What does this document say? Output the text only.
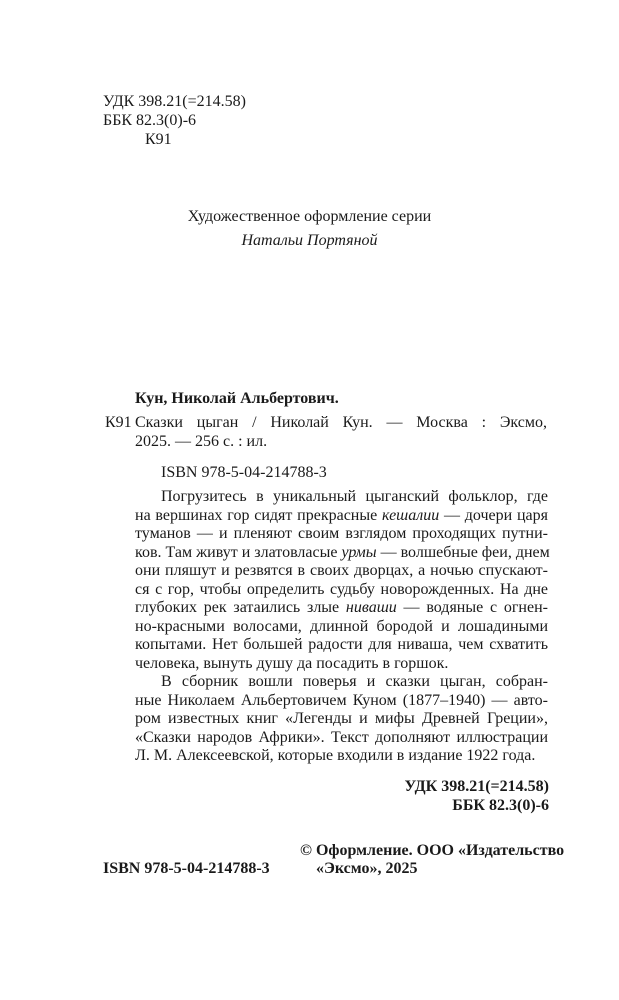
УДК 398.21(=214.58)
ББК 82.3(0)-6
К91
Художественное оформление серии
Натальи Портяной
Кун, Николай Альбертович.
К91 Сказки цыган / Николай Кун. — Москва : Эксмо,
2025. — 256 с. : ил.
ISBN 978-5-04-214788-3
Погрузитесь в уникальный цыганский фольклор, где
на вершинах гор сидят прекрасные кешалии — дочери царя
туманов — и пленяют своим взглядом проходящих путни-
ков. Там живут и златовласые урмы — волшебные феи, днем
они пляшут и резвятся в своих дворцах, а ночью спускают-
ся с гор, чтобы определить судьбу новорожденных. На дне
глубоких рек затаились злые ниваши — водяные с огнен-
но-красными волосами, длинной бородой и лошадиными
копытами. Нет большей радости для ниваша, чем схватить
человека, вынуть душу да посадить в горшок.
В сборник вошли поверья и сказки цыган, собран-
ные Николаем Альбертовичем Куном (1877–1940) — авто-
ром известных книг «Легенды и мифы Древней Греции»,
«Сказки народов Африки». Текст дополняют иллюстрации
Л. М. Алексеевской, которые входили в издание 1922 года.
УДК 398.21(=214.58)
ББК 82.3(0)-6
ISBN 978-5-04-214788-3
© Оформление. ООО «Издательство
«Эксмо», 2025
